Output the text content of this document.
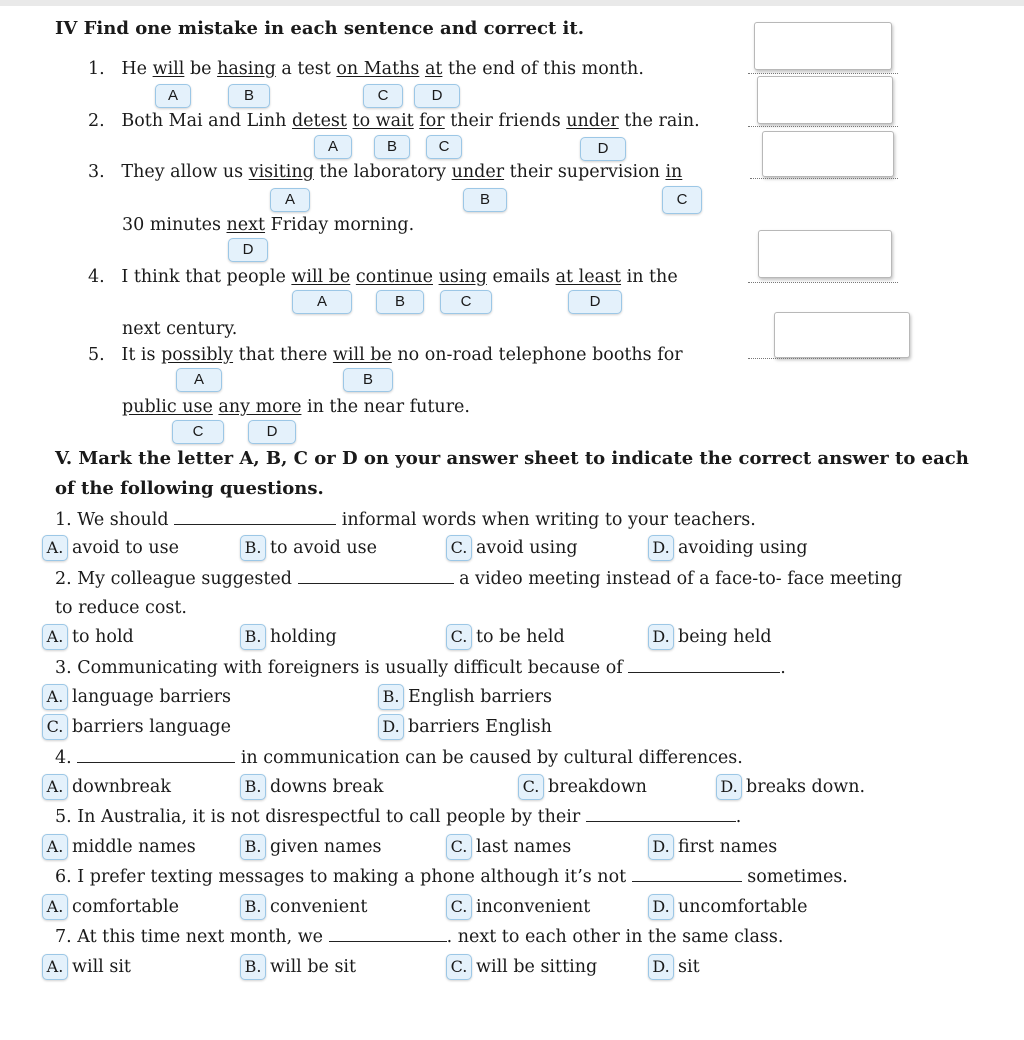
IV Find one mistake in each sentence and correct it.
1. He will be hasing a test on Maths at the end of this month.
A	B	C	D
2. Both Mai and Linh detest to wait for their friends under the rain.
A	B	C	D
3. They allow us visiting the laboratory under their supervision in
A	B	C
30 minutes next Friday morning.
D
4. I think that people will be continue using emails at least in the
A	B	C	D
next century.
5. It is possibly that there will be no on-road telephone booths for
A	B
public use any more in the near future.
C	D
V. Mark the letter A, B, C or D on your answer sheet to indicate the correct answer to each
of the following questions.
1. We should	informal words when writing to your teachers.
A. avoid to use	B. to avoid use	C. avoid using	D. avoiding using
2. My colleague suggested	a video meeting instead of a face-to- face meeting
to reduce cost.
A. to hold	B. holding	C. to be held	D. being held
3. Communicating with foreigners is usually difficult because of	.
A. language barriers	B. English barriers
C. barriers language	D. barriers English
4.	in communication can be caused by cultural differences.
A. downbreak	B. downs break	C. breakdown	D. breaks down.
5. In Australia, it is not disrespectful to call people by their	.
A. middle names	B. given names	C. last names	D. first names
6. I prefer texting messages to making a phone although it’s not	sometimes.
A. comfortable	B. convenient	C. inconvenient	D. uncomfortable
7. At this time next month, we	. next to each other in the same class.
A. will sit	B. will be sit	C. will be sitting	D. sit
